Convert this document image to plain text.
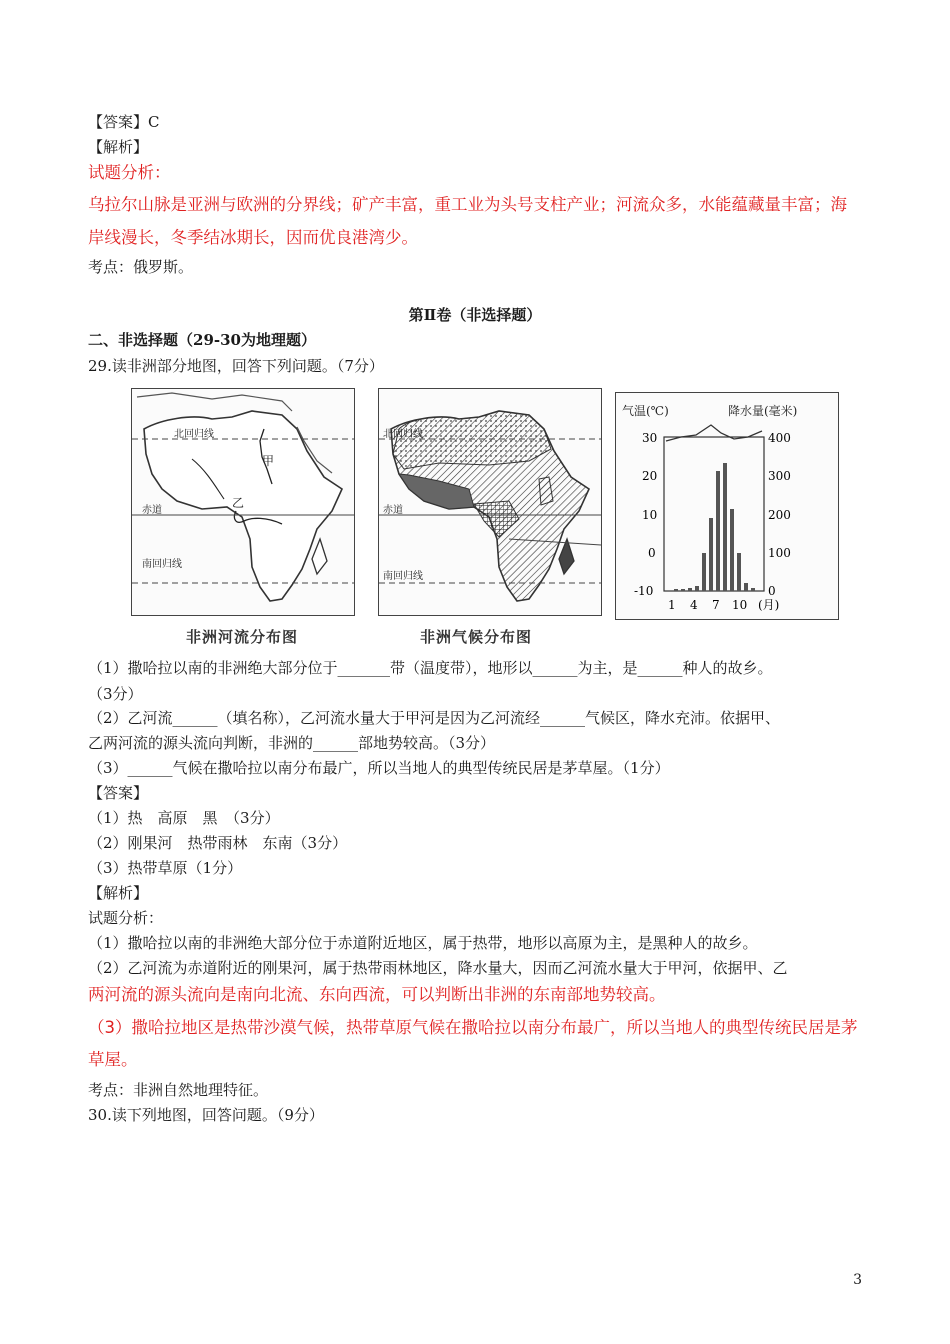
【答案】C
【解析】
试题分析：
乌拉尔山脉是亚洲与欧洲的分界线；矿产丰富，重工业为头号支柱产业；河流众多，水能蕴藏量丰富；海
岸线漫长，冬季结冰期长，因而优良港湾少。
考点：俄罗斯。
第Ⅱ卷（非选择题）
二、非选择题（29-30为地理题）
29.读非洲部分地图，回答下列问题。（7分）
北回归线
赤道
南回归线
甲
乙
非洲河流分布图
北回归线
赤道
南回归线
非洲气候分布图
气温(℃)	降水量(毫米)
30
20
10
0
-10
400
300
200
100
0
1 4 7 10 (月)
（1）撒哈拉以南的非洲绝大部分位于_______带（温度带），地形以______为主，是______种人的故乡。
（3分）
（2）乙河流______（填名称），乙河流水量大于甲河是因为乙河流经______气候区，降水充沛。依据甲、
乙两河流的源头流向判断，非洲的______部地势较高。（3分）
（3）______气候在撒哈拉以南分布最广，所以当地人的典型传统民居是茅草屋。（1分）
【答案】
（1）热　高原　黑　（3分）
（2）刚果河　热带雨林　东南（3分）
（3）热带草原（1分）
【解析】
试题分析：
（1）撒哈拉以南的非洲绝大部分位于赤道附近地区，属于热带，地形以高原为主，是黑种人的故乡。
（2）乙河流为赤道附近的刚果河，属于热带雨林地区，降水量大，因而乙河流水量大于甲河，依据甲、乙
两河流的源头流向是南向北流、东向西流，可以判断出非洲的东南部地势较高。
（3）撒哈拉地区是热带沙漠气候，热带草原气候在撒哈拉以南分布最广，所以当地人的典型传统民居是茅
草屋。
考点：非洲自然地理特征。
30.读下列地图，回答问题。（9分）
3
